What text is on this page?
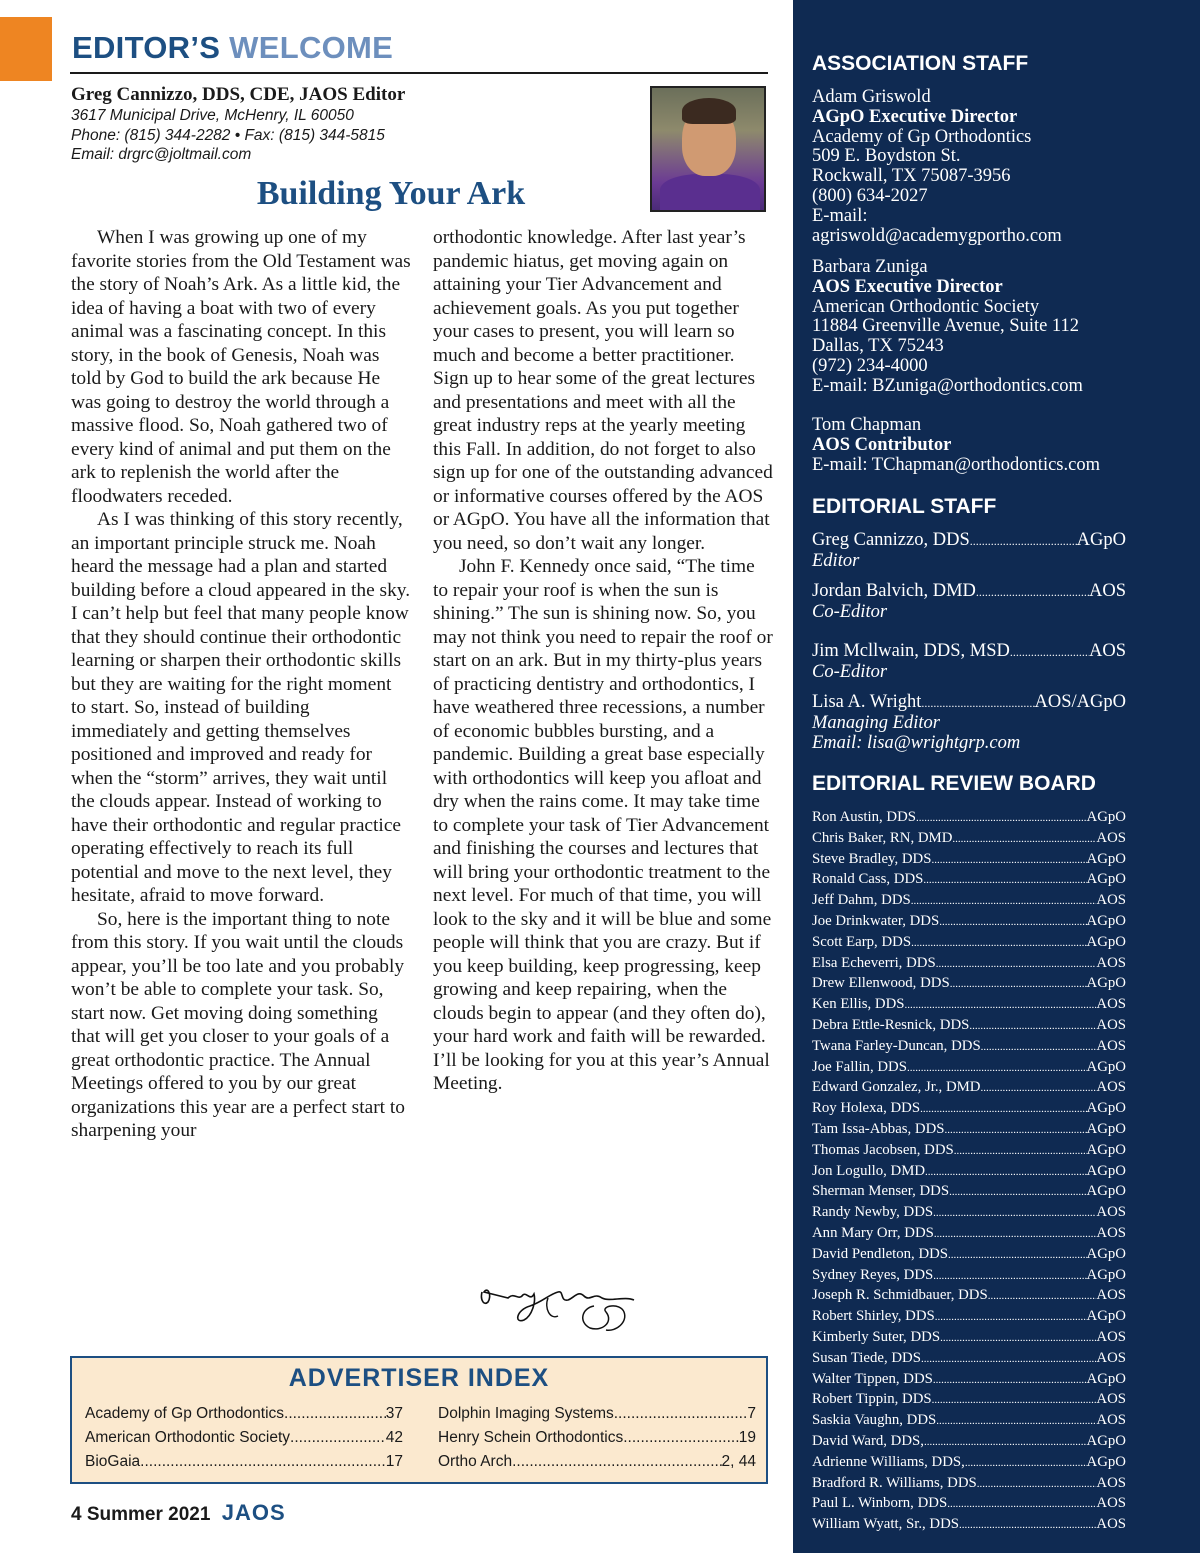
EDITOR’S WELCOME
Greg Cannizzo, DDS, CDE, JAOS Editor
3617 Municipal Drive, McHenry, IL 60050
Phone: (815) 344-2282 • Fax: (815) 344-5815
Email: drgrc@joltmail.com
Building Your Ark

When I was growing up one of my favorite stories from the Old Testament was the story of Noah’s Ark. As a little kid, the idea of having a boat with two of every animal was a fascinating concept. In this story, in the book of Genesis, Noah was told by God to build the ark because He was going to destroy the world through a massive flood. So, Noah gathered two of every kind of animal and put them on the ark to replenish the world after the floodwaters receded.

As I was thinking of this story recently, an important principle struck me. Noah heard the message had a plan and started building before a cloud appeared in the sky. I can’t help but feel that many people know that they should continue their orthodontic learning or sharpen their orthodontic skills but they are waiting for the right moment to start. So, instead of building immediately and getting themselves positioned and improved and ready for when the “storm” arrives, they wait until the clouds appear. Instead of working to have their orthodontic and regular practice operating effectively to reach its full potential and move to the next level, they hesitate, afraid to move forward.

So, here is the important thing to note from this story. If you wait until the clouds appear, you’ll be too late and you probably won’t be able to complete your task. So, start now. Get moving doing something that will get you closer to your goals of a great orthodontic practice. The Annual Meetings offered to you by our great organizations this year are a perfect start to sharpening your

orthodontic knowledge. After last year’s pandemic hiatus, get moving again on attaining your Tier Advancement and achievement goals. As you put together your cases to present, you will learn so much and become a better practitioner. Sign up to hear some of the great lectures and presentations and meet with all the great industry reps at the yearly meeting this Fall. In addition, do not forget to also sign up for one of the outstanding advanced or informative courses offered by the AOS or AGpO. You have all the information that you need, so don’t wait any longer.

John F. Kennedy once said, “The time to repair your roof is when the sun is shining.” The sun is shining now. So, you may not think you need to repair the roof or start on an ark. But in my thirty-plus years of practicing dentistry and orthodontics, I have weathered three recessions, a number of economic bubbles bursting, and a pandemic. Building a great base especially with orthodontics will keep you afloat and dry when the rains come. It may take time to complete your task of Tier Advancement and finishing the courses and lectures that will bring your orthodontic treatment to the next level. For much of that time, you will look to the sky and it will be blue and some people will think that you are crazy. But if you keep building, keep progressing, keep growing and keep repairing, when the clouds begin to appear (and they often do), your hard work and faith will be rewarded. I’ll be looking for you at this year’s Annual Meeting.

ADVERTISER INDEX
Academy of Gp Orthodontics .....	37
American Orthodontic Society .....	42
BioGaia .....	17
Dolphin Imaging Systems .....	7
Henry Schein Orthodontics .....	19
Ortho Arch .....	2, 44
4 Summer 2021 JAOS
ASSOCIATION STAFF
Adam Griswold
AGpO Executive Director
Academy of Gp Orthodontics
509 E. Boydston St.
Rockwall, TX 75087-3956
(800) 634-2027
E-mail:
agriswold@academygportho.com
Barbara Zuniga
AOS Executive Director
American Orthodontic Society
11884 Greenville Avenue, Suite 112
Dallas, TX 75243
(972) 234-4000
E-mail: BZuniga@orthodontics.com
Tom Chapman
AOS Contributor
E-mail: TChapman@orthodontics.com
EDITORIAL STAFF
Greg Cannizzo, DDS .....	AGpO
Editor
Jordan Balvich, DMD .....	AOS
Co-Editor
Jim Mcllwain, DDS, MSD .....	AOS
Co-Editor
Lisa A. Wright .....	AOS/AGpO
Managing Editor
Email: lisa@wrightgrp.com
EDITORIAL REVIEW BOARD
Ron Austin, DDS .....	AGpO
Chris Baker, RN, DMD .....	AOS
Steve Bradley, DDS .....	AGpO
Ronald Cass, DDS .....	AGpO
Jeff Dahm, DDS .....	AOS
Joe Drinkwater, DDS .....	AGpO
Scott Earp, DDS .....	AGpO
Elsa Echeverri, DDS .....	AOS
Drew Ellenwood, DDS .....	AGpO
Ken Ellis, DDS .....	AOS
Debra Ettle-Resnick, DDS .....	AOS
Twana Farley-Duncan, DDS .....	AOS
Joe Fallin, DDS .....	AGpO
Edward Gonzalez, Jr., DMD .....	AOS
Roy Holexa, DDS .....	AGpO
Tam Issa-Abbas, DDS .....	AGpO
Thomas Jacobsen, DDS .....	AGpO
Jon Logullo, DMD .....	AGpO
Sherman Menser, DDS .....	AGpO
Randy Newby, DDS .....	AOS
Ann Mary Orr, DDS .....	AOS
David Pendleton, DDS .....	AGpO
Sydney Reyes, DDS .....	AGpO
Joseph R. Schmidbauer, DDS .....	AOS
Robert Shirley, DDS .....	AGpO
Kimberly Suter, DDS .....	AOS
Susan Tiede, DDS .....	AOS
Walter Tippen, DDS .....	AGpO
Robert Tippin, DDS .....	AOS
Saskia Vaughn, DDS .....	AOS
David Ward, DDS, .....	AGpO
Adrienne Williams, DDS, .....	AGpO
Bradford R. Williams, DDS .....	AOS
Paul L. Winborn, DDS .....	AOS
William Wyatt, Sr., DDS .....	AOS
